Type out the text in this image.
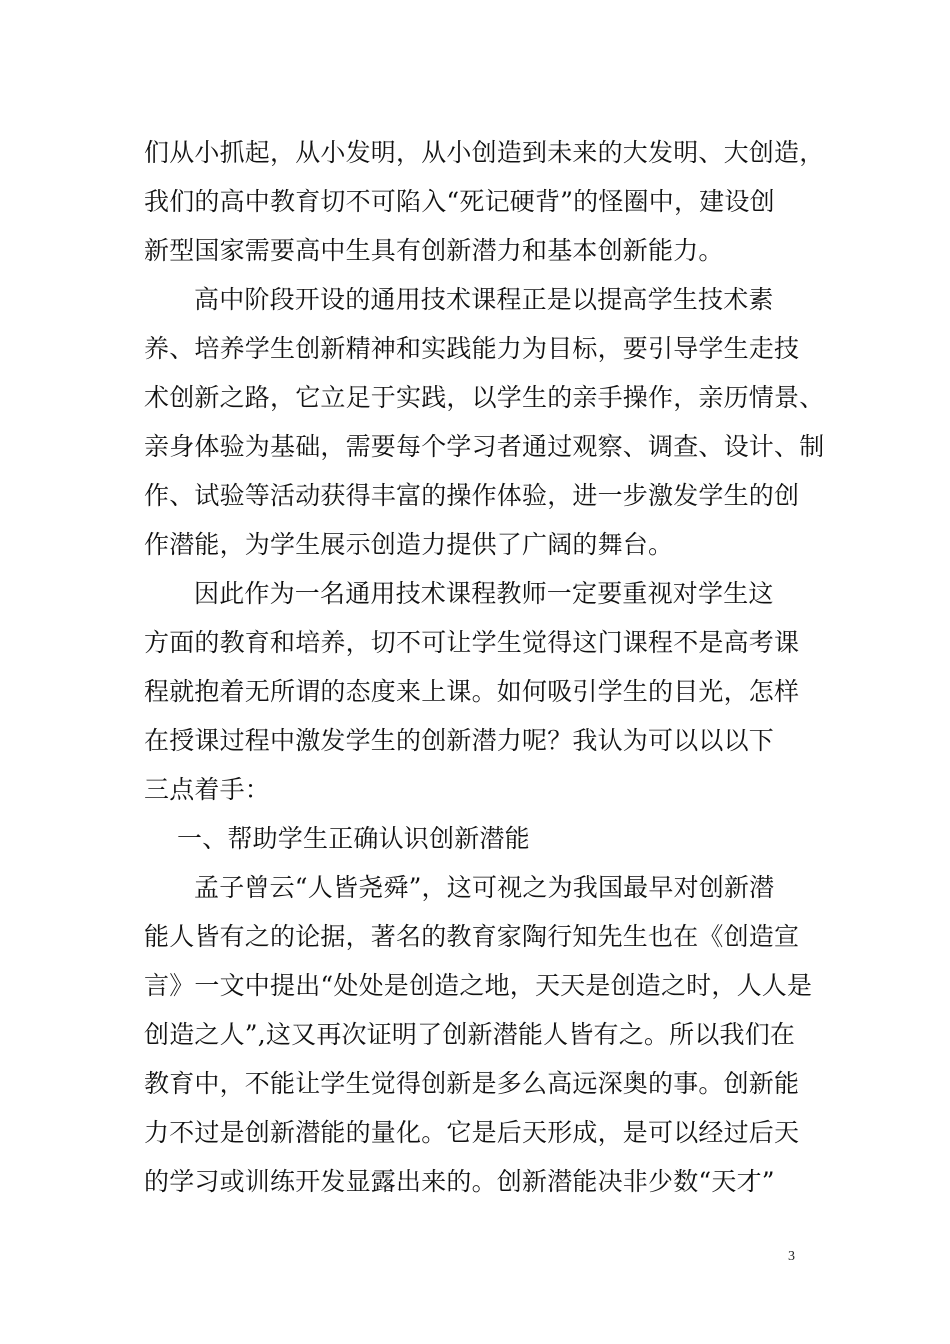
们从小抓起，从小发明，从小创造到未来的大发明、大创造，
我们的高中教育切不可陷入“死记硬背”的怪圈中，建设创
新型国家需要高中生具有创新潜力和基本创新能力。
高中阶段开设的通用技术课程正是以提高学生技术素
养、培养学生创新精神和实践能力为目标，要引导学生走技
术创新之路，它立足于实践，以学生的亲手操作，亲历情景、
亲身体验为基础，需要每个学习者通过观察、调查、设计、制
作、试验等活动获得丰富的操作体验，进一步激发学生的创
作潜能，为学生展示创造力提供了广阔的舞台。
因此作为一名通用技术课程教师一定要重视对学生这
方面的教育和培养，切不可让学生觉得这门课程不是高考课
程就抱着无所谓的态度来上课。如何吸引学生的目光，怎样
在授课过程中激发学生的创新潜力呢？我认为可以以以下
三点着手：
一、帮助学生正确认识创新潜能
孟子曾云“人皆尧舜”，这可视之为我国最早对创新潜
能人皆有之的论据，著名的教育家陶行知先生也在《创造宣
言》一文中提出“处处是创造之地，天天是创造之时，人人是
创造之人”,这又再次证明了创新潜能人皆有之。所以我们在
教育中，不能让学生觉得创新是多么高远深奥的事。创新能
力不过是创新潜能的量化。它是后天形成，是可以经过后天
的学习或训练开发显露出来的。创新潜能决非少数“天才”
3
